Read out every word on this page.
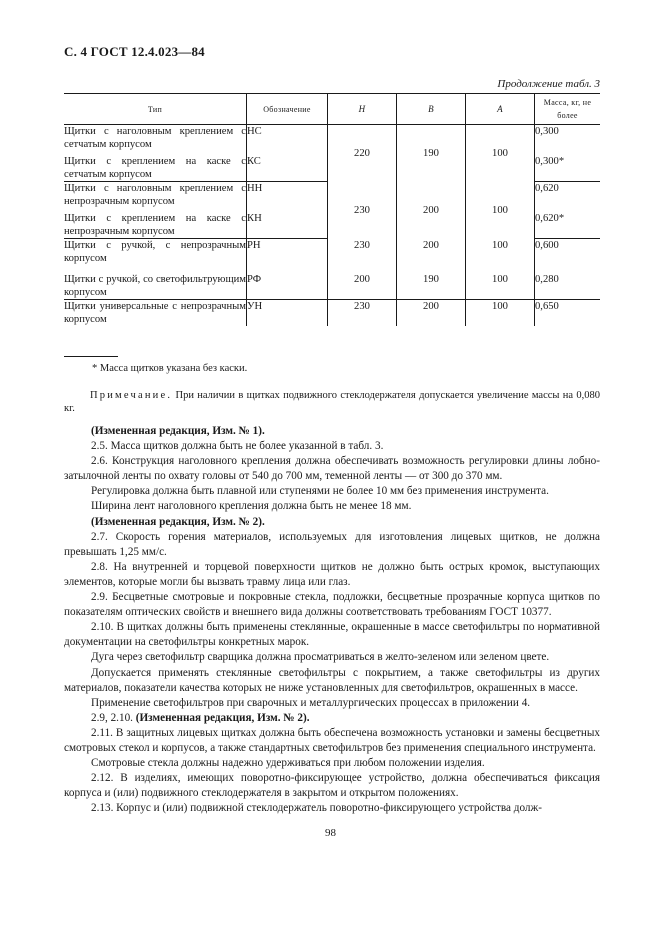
С. 4 ГОСТ 12.4.023—84
Продолжение табл. 3
Тип	Обозначение	Н	В	А	Масса, кг, не более
Щитки с наголовным креплением с сетчатым корпусом	НС	220	190	100	0,300
Щитки с креплением на каске с сетчатым корпусом	КС				0,300*
Щитки с наголовным креплением с непрозрачным корпусом	НН	230	200	100	0,620
Щитки с креплением на каске с непрозрачным корпусом	КН				0,620*
Щитки с ручкой, с непрозрачным корпусом	РН	230	200	100	0,600
Щитки с ручкой, со светофильтрующим корпусом	РФ	200	190	100	0,280
Щитки универсальные с непрозрачным корпусом	УН	230	200	100	0,650
* Масса щитков указана без каски.
Примечание. При наличии в щитках подвижного стеклодержателя допускается увеличение массы на 0,080 кг.

(Измененная редакция, Изм. № 1).

2.5. Масса щитков должна быть не более указанной в табл. 3.

2.6. Конструкция наголовного крепления должна обеспечивать возможность регулировки длины лобно-затылочной ленты по охвату головы от 540 до 700 мм, теменной ленты — от 300 до 370 мм.

Регулировка должна быть плавной или ступенями не более 10 мм без применения инструмента.

Ширина лент наголовного крепления должна быть не менее 18 мм.

(Измененная редакция, Изм. № 2).

2.7. Скорость горения материалов, используемых для изготовления лицевых щитков, не должна превышать 1,25 мм/с.

2.8. На внутренней и торцевой поверхности щитков не должно быть острых кромок, выступающих элементов, которые могли бы вызвать травму лица или глаз.

2.9. Бесцветные смотровые и покровные стекла, подложки, бесцветные прозрачные корпуса щитков по показателям оптических свойств и внешнего вида должны соответствовать требованиям ГОСТ 10377.

2.10. В щитках должны быть применены стеклянные, окрашенные в массе светофильтры по нормативной документации на светофильтры конкретных марок.

Дуга через светофильтр сварщика должна просматриваться в желто-зеленом или зеленом цвете.

Допускается применять стеклянные светофильтры с покрытием, а также светофильтры из других материалов, показатели качества которых не ниже установленных для светофильтров, окрашенных в массе.

Применение светофильтров при сварочных и металлургических процессах в приложении 4.

2.9, 2.10. (Измененная редакция, Изм. № 2).

2.11. В защитных лицевых щитках должна быть обеспечена возможность установки и замены бесцветных смотровых стекол и корпусов, а также стандартных светофильтров без применения специального инструмента.

Смотровые стекла должны надежно удерживаться при любом положении изделия.

2.12. В изделиях, имеющих поворотно-фиксирующее устройство, должна обеспечиваться фиксация корпуса и (или) подвижного стеклодержателя в закрытом и открытом положениях.

2.13. Корпус и (или) подвижной стеклодержатель поворотно-фиксирующего устройства долж-

98
